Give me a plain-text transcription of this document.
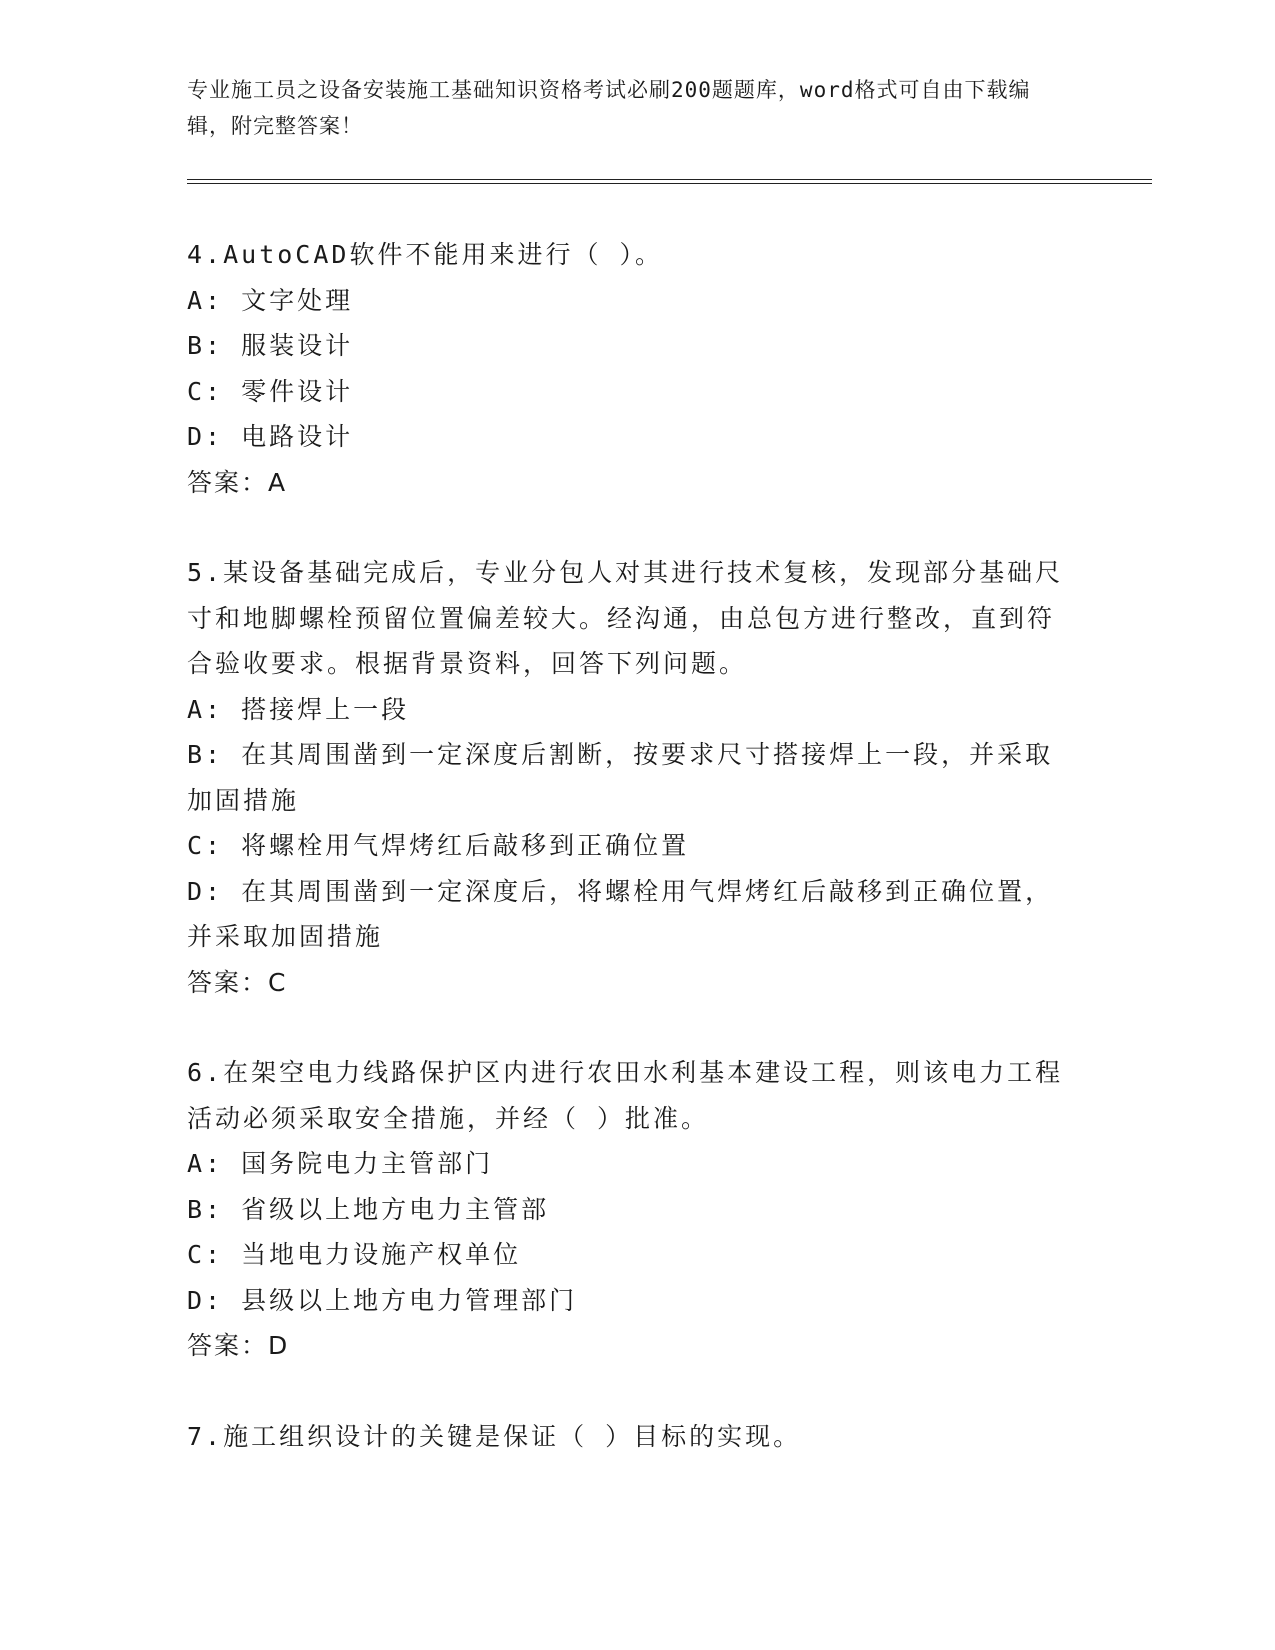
专业施工员之设备安装施工基础知识资格考试必刷200题题库，word格式可自由下载编辑，附完整答案！
4.AutoCAD软件不能用来进行（ ）。
A: 文字处理
B: 服装设计
C: 零件设计
D: 电路设计
答案：A
5.某设备基础完成后，专业分包人对其进行技术复核，发现部分基础尺寸和地脚螺栓预留位置偏差较大。经沟通，由总包方进行整改，直到符合验收要求。根据背景资料，回答下列问题。
A: 搭接焊上一段
B: 在其周围凿到一定深度后割断，按要求尺寸搭接焊上一段，并采取加固措施
C: 将螺栓用气焊烤红后敲移到正确位置
D: 在其周围凿到一定深度后，将螺栓用气焊烤红后敲移到正确位置，并采取加固措施
答案：C
6.在架空电力线路保护区内进行农田水利基本建设工程，则该电力工程活动必须采取安全措施，并经（ ）批准。
A: 国务院电力主管部门
B: 省级以上地方电力主管部
C: 当地电力设施产权单位
D: 县级以上地方电力管理部门
答案：D
7.施工组织设计的关键是保证（ ）目标的实现。
